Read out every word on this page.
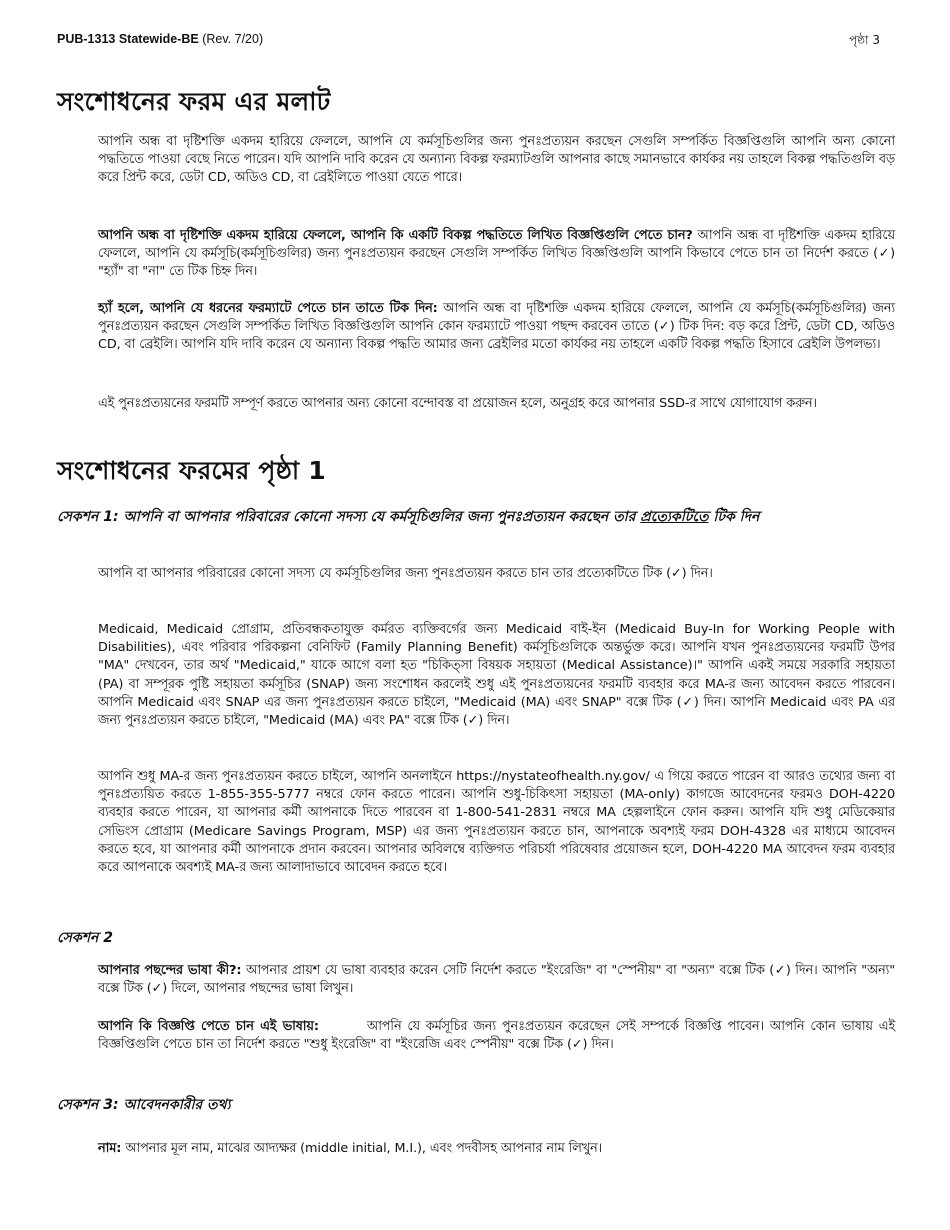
PUB-1313 Statewide-BE (Rev. 7/20)	পৃষ্ঠা 3
সংশোধনের ফরম এর মলাট

আপনি অন্ধ বা দৃষ্টিশক্তি একদম হারিয়ে ফেললে, আপনি যে কর্মসূচিগুলির জন্য পুনঃপ্রত্যয়ন করছেন সেগুলি সম্পর্কিত বিজ্ঞপ্তিগুলি আপনি অন্য কোনো পদ্ধতিতে পাওয়া বেছে নিতে পারেন। যদি আপনি দাবি করেন যে অন্যান্য বিকল্প ফরম্যাটগুলি আপনার কাছে সমানভাবে কার্যকর নয় তাহলে বিকল্প পদ্ধতিগুলি বড় করে প্রিন্ট করে, ডেটা CD, অডিও CD, বা ব্রেইলিতে পাওয়া যেতে পারে।

আপনি অন্ধ বা দৃষ্টিশক্তি একদম হারিয়ে ফেললে, আপনি কি একটি বিকল্প পদ্ধতিতে লিখিত বিজ্ঞপ্তিগুলি পেতে চান? আপনি অন্ধ বা দৃষ্টিশক্তি একদম হারিয়ে ফেললে, আপনি যে কর্মসূচি(কর্মসূচিগুলির) জন্য পুনঃপ্রত্যয়ন করছেন সেগুলি সম্পর্কিত লিখিত বিজ্ঞপ্তিগুলি আপনি কিভাবে পেতে চান তা নির্দেশ করতে (✓) "হ্যাঁ" বা "না" তে টিক চিহ্ন দিন।

হ্যাঁ হলে, আপনি যে ধরনের ফরম্যাটে পেতে চান তাতে টিক দিন: আপনি অন্ধ বা দৃষ্টিশক্তি একদম হারিয়ে ফেললে, আপনি যে কর্মসূচি(কর্মসূচিগুলির) জন্য পুনঃপ্রত্যয়ন করছেন সেগুলি সম্পর্কিত লিখিত বিজ্ঞপ্তিগুলি আপনি কোন ফরম্যাটে পাওয়া পছন্দ করবেন তাতে (✓) টিক দিন: বড় করে প্রিন্ট, ডেটা CD, অডিও CD, বা ব্রেইলি। আপনি যদি দাবি করেন যে অন্যান্য বিকল্প পদ্ধতি আমার জন্য ব্রেইলির মতো কার্যকর নয় তাহলে একটি বিকল্প পদ্ধতি হিসাবে ব্রেইলি উপলভ্য।

এই পুনঃপ্রত্যয়নের ফরমটি সম্পূর্ণ করতে আপনার অন্য কোনো বন্দোবস্ত বা প্রয়োজন হলে, অনুগ্রহ করে আপনার SSD-র সাথে যোগাযোগ করুন।

সংশোধনের ফরমের পৃষ্ঠা 1

সেকশন 1: আপনি বা আপনার পরিবারের কোনো সদস্য যে কর্মসূচিগুলির জন্য পুনঃপ্রত্যয়ন করছেন তার প্রত্যেকটিতে টিক দিন

আপনি বা আপনার পরিবারের কোনো সদস্য যে কর্মসূচিগুলির জন্য পুনঃপ্রত্যয়ন করতে চান তার প্রত্যেকটিতে টিক (✓) দিন।

Medicaid, Medicaid প্রোগ্রাম, প্রতিবন্ধকতাযুক্ত কর্মরত ব্যক্তিবর্গের জন্য Medicaid বাই-ইন (Medicaid Buy-In for Working People with Disabilities), এবং পরিবার পরিকল্পনা বেনিফিট (Family Planning Benefit) কর্মসূচিগুলিকে অন্তর্ভুক্ত করে। আপনি যখন পুনঃপ্রত্যয়নের ফরমটি উপর "MA" দেখবেন, তার অর্থ "Medicaid," যাকে আগে বলা হত "চিকিত্সা বিষয়ক সহায়তা (Medical Assistance)।" আপনি একই সময়ে সরকারি সহায়তা (PA) বা সম্পূরক পুষ্টি সহায়তা কর্মসূচির (SNAP) জন্য সংশোধন করলেই শুধু এই পুনঃপ্রত্যয়নের ফরমটি ব্যবহার করে MA-র জন্য আবেদন করতে পারবেন। আপনি Medicaid এবং SNAP এর জন্য পুনঃপ্রত্যয়ন করতে চাইলে, "Medicaid (MA) এবং SNAP" বক্সে টিক (✓) দিন। আপনি Medicaid এবং PA এর জন্য পুনঃপ্রত্যয়ন করতে চাইলে, "Medicaid (MA) এবং PA" বক্সে টিক (✓) দিন।

আপনি শুধু MA-র জন্য পুনঃপ্রত্যয়ন করতে চাইলে, আপনি অনলাইনে https://nystateofhealth.ny.gov/ এ গিয়ে করতে পারেন বা আরও তথ্যের জন্য বা পুনঃপ্রত্যয়িত করতে 1-855-355-5777 নম্বরে ফোন করতে পারেন। আপনি শুধু-চিকিৎসা সহায়তা (MA-only) কাগজে আবেদনের ফরমও DOH-4220 ব্যবহার করতে পারেন, যা আপনার কর্মী আপনাকে দিতে পারবেন বা 1-800-541-2831 নম্বরে MA হেল্পলাইনে ফোন করুন। আপনি যদি শুধু মেডিকেয়ার সেভিংস প্রোগ্রাম (Medicare Savings Program, MSP) এর জন্য পুনঃপ্রত্যয়ন করতে চান, আপনাকে অবশ্যই ফরম DOH-4328 এর মাধ্যমে আবেদন করতে হবে, যা আপনার কর্মী আপনাকে প্রদান করবেন। আপনার অবিলম্বে ব্যক্তিগত পরিচর্যা পরিষেবার প্রয়োজন হলে, DOH-4220 MA আবেদন ফরম ব্যবহার করে আপনাকে অবশ্যই MA-র জন্য আলাদাভাবে আবেদন করতে হবে।

সেকশন 2

আপনার পছন্দের ভাষা কী?: আপনার প্রায়শ যে ভাষা ব্যবহার করেন সেটি নির্দেশ করতে "ইংরেজি" বা "স্পেনীয়" বা "অন্য" বক্সে টিক (✓) দিন। আপনি "অন্য" বক্সে টিক (✓) দিলে, আপনার পছন্দের ভাষা লিখুন।

আপনি কি বিজ্ঞপ্তি পেতে চান এই ভাষায়:	আপনি যে কর্মসূচির জন্য পুনঃপ্রত্যয়ন করেছেন সেই সম্পর্কে বিজ্ঞপ্তি পাবেন। আপনি কোন ভাষায় এই বিজ্ঞপ্তিগুলি পেতে চান তা নির্দেশ করতে "শুধু ইংরেজি" বা "ইংরেজি এবং স্পেনীয়" বক্সে টিক (✓) দিন।

সেকশন 3: আবেদনকারীর তথ্য

নাম: আপনার মূল নাম, মাঝের আদ্যক্ষর (middle initial, M.I.), এবং পদবীসহ আপনার নাম লিখুন।
